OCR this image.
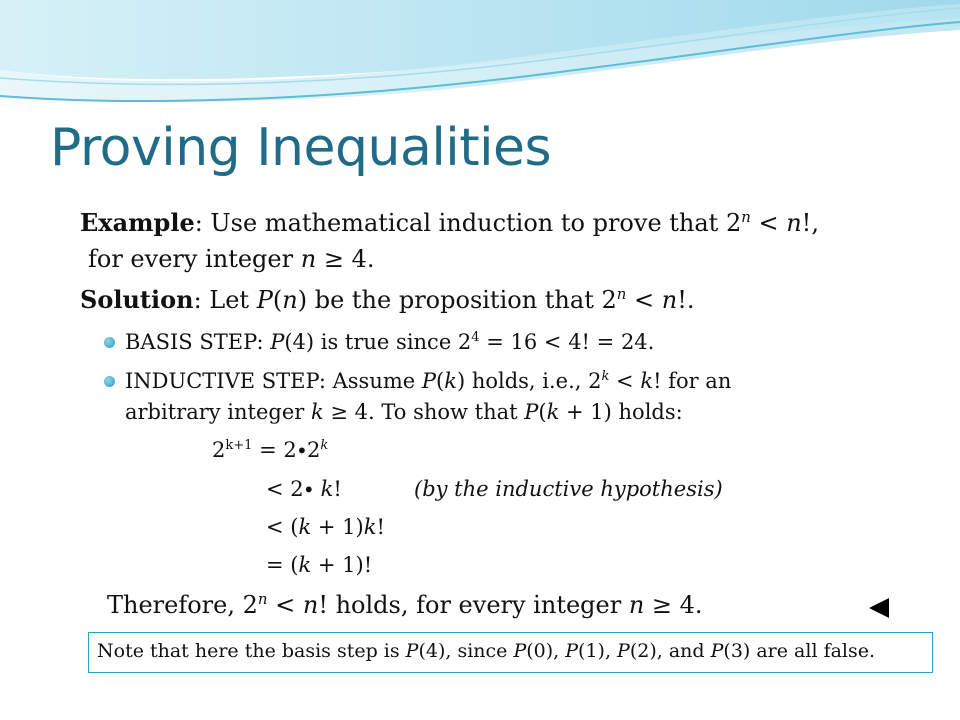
Proving Inequalities
Example: Use mathematical induction to prove that $2^n < n$!,
for every integer n ≥ 4.
Solution: Let P(n) be the proposition that $2^n < n$!.
BASIS STEP: P(4) is true since $2^4 = 16 < 4$! = 24.
INDUCTIVE STEP: Assume P(k) holds, i.e., $2^k < k$! for an
arbitrary integer k ≥ 4. To show that P(k + 1) holds:
$2^{k+1} = 2\cdot 2^k$
< 2∙ k!	(by the inductive hypothesis)
< (k + 1)k!
= (k + 1)!
Therefore, $2^n < n$! holds, for every integer n ≥ 4.
Note that here the basis step is P(4), since P(0), P(1), P(2), and P(3) are all false.
